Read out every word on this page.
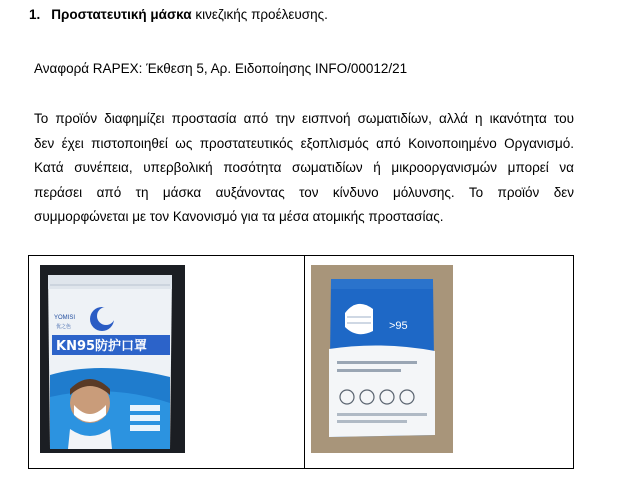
1. Προστατευτική μάσκα κινεζικής προέλευσης.
Αναφορά RAPEX: Έκθεση 5, Αρ. Ειδοποίησης INFO/00012/21
Το προϊόν διαφημίζει προστασία από την εισπνοή σωματιδίων, αλλά η ικανότητα του
δεν έχει πιστοποιηθεί ως προστατευτικός εξοπλισμός από Κοινοποιημένο Οργανισμό.
Κατά συνέπεια, υπερβολική ποσότητα σωματιδίων ή μικροοργανισμών μπορεί να
περάσει από τη μάσκα αυξάνοντας τον κίνδυνο μόλυνσης. Το προϊόν δεν
συμμορφώνεται με τον Κανονισμό για τα μέσα ατομικής προστασίας.
YOMISI
优之色
KN95防护口罩
>95
